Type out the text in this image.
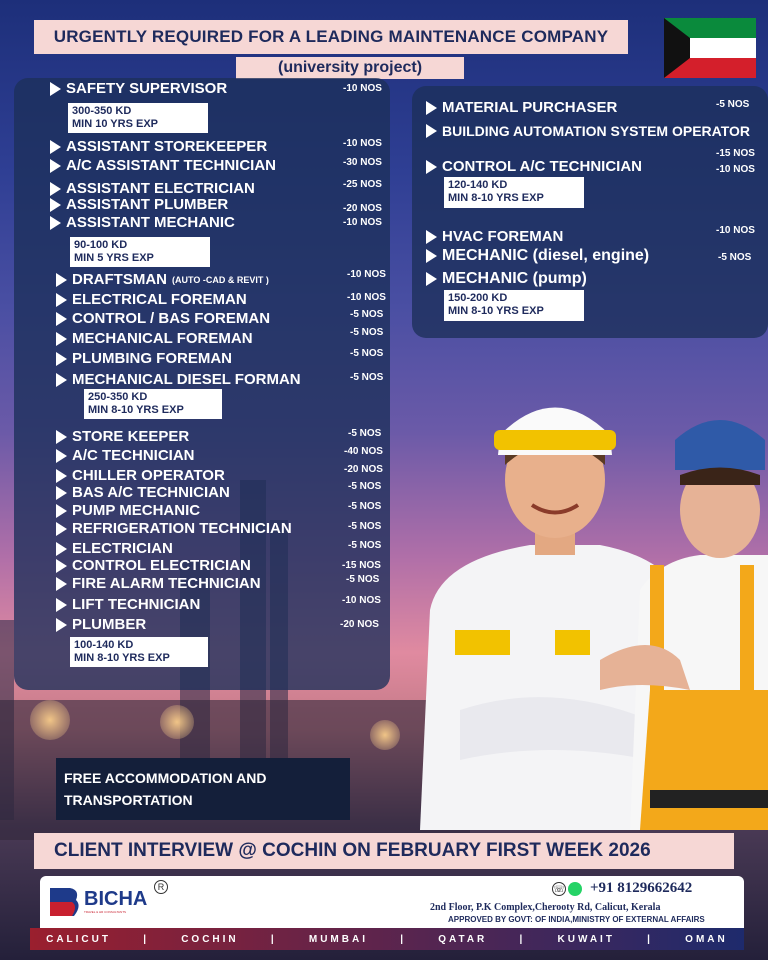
URGENTLY REQUIRED FOR A LEADING MAINTENANCE COMPANY
(university project)
SAFETY SUPERVISOR	-10 NOS
300-350 KD
MIN 10 YRS EXP
ASSISTANT STOREKEEPER	-10 NOS
A/C ASSISTANT TECHNICIAN	-30 NOS
ASSISTANT ELECTRICIAN	-25 NOS
ASSISTANT PLUMBER	-20 NOS
ASSISTANT MECHANIC	-10 NOS
90-100 KD
MIN 5 YRS EXP
DRAFTSMAN (AUTO -CAD & REVIT )	-10 NOS
ELECTRICAL FOREMAN	-10 NOS
CONTROL / BAS FOREMAN	-5 NOS
MECHANICAL FOREMAN	-5 NOS
PLUMBING FOREMAN	-5 NOS
MECHANICAL DIESEL FORMAN	-5 NOS
250-350 KD
MIN 8-10 YRS EXP
STORE KEEPER	-5 NOS
A/C TECHNICIAN	-40 NOS
CHILLER OPERATOR	-20 NOS
BAS A/C TECHNICIAN	-5 NOS
PUMP MECHANIC	-5 NOS
REFRIGERATION TECHNICIAN	-5 NOS
ELECTRICIAN	-5 NOS
CONTROL ELECTRICIAN	-15 NOS
FIRE ALARM TECHNICIAN	-5 NOS
LIFT TECHNICIAN	-10 NOS
PLUMBER	-20 NOS
100-140 KD
MIN 8-10 YRS EXP
MATERIAL PURCHASER	-5 NOS
BUILDING AUTOMATION SYSTEM OPERATOR
-15 NOS
CONTROL A/C TECHNICIAN	-10 NOS
120-140 KD
MIN 8-10 YRS EXP
HVAC FOREMAN	-10 NOS
MECHANIC (diesel, engine)	-5 NOS
MECHANIC (pump)
150-200 KD
MIN 8-10 YRS EXP
FREE ACCOMMODATION AND
TRANSPORTATION
CLIENT INTERVIEW @ COCHIN ON FEBRUARY FIRST WEEK 2026
BICHA
R
TRAVEL & HR CONSULTANTS
☏ +91 8129662642
2nd Floor, P.K Complex,Cherooty Rd, Calicut, Kerala
APPROVED BY GOVT: OF INDIA,MINISTRY OF EXTERNAL AFFAIRS
CALICUT	|	COCHIN	|	MUMBAI	|	QATAR	|	KUWAIT	|	OMAN
